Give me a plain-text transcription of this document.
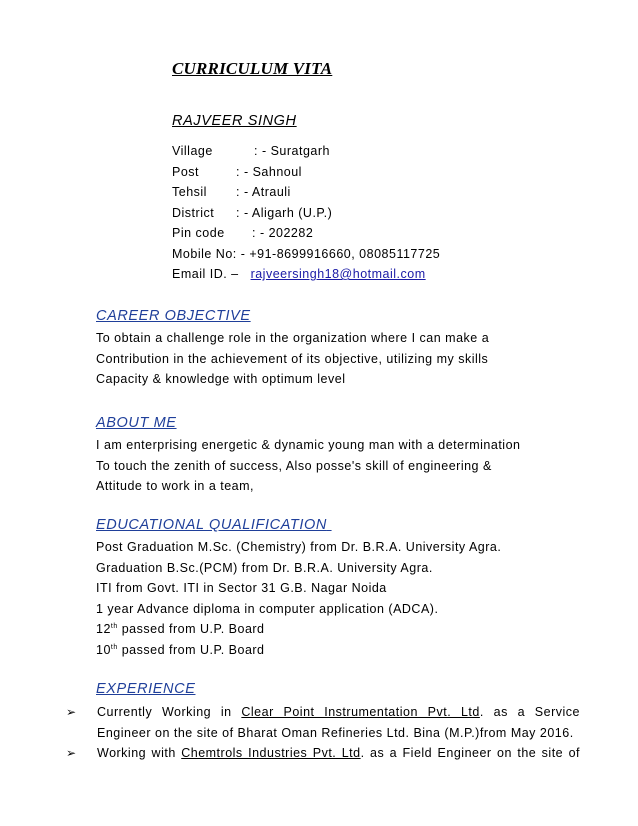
CURRICULUM VITA
RAJVEER SINGH
Village	: - Suratgarh
Post	: - Sahnoul
Tehsil : - Atrauli
District : - Aligarh (U.P.)
Pin code : - 202282
Mobile No: - +91-8699916660, 08085117725
Email ID. – rajveersingh18@hotmail.com
CAREER OBJECTIVE
To obtain a challenge role in the organization where I can make a
Contribution in the achievement of its objective, utilizing my skills
Capacity & knowledge with optimum level
ABOUT ME
I am enterprising energetic & dynamic young man with a determination
To touch the zenith of success, Also posse's skill of engineering &
Attitude to work in a team,
EDUCATIONAL QUALIFICATION
Post Graduation M.Sc. (Chemistry) from Dr. B.R.A. University Agra.
Graduation B.Sc.(PCM) from Dr. B.R.A. University Agra.
ITI from Govt. ITI in Sector 31 G.B. Nagar Noida
1 year Advance diploma in computer application (ADCA).
12th passed from U.P. Board
10th passed from U.P. Board
EXPERIENCE
➢ Currently Working in Clear Point Instrumentation Pvt. Ltd. as a Service
Engineer on the site of Bharat Oman Refineries Ltd. Bina (M.P.)from May 2016.
➢ Working with Chemtrols Industries Pvt. Ltd. as a Field Engineer on the site of
